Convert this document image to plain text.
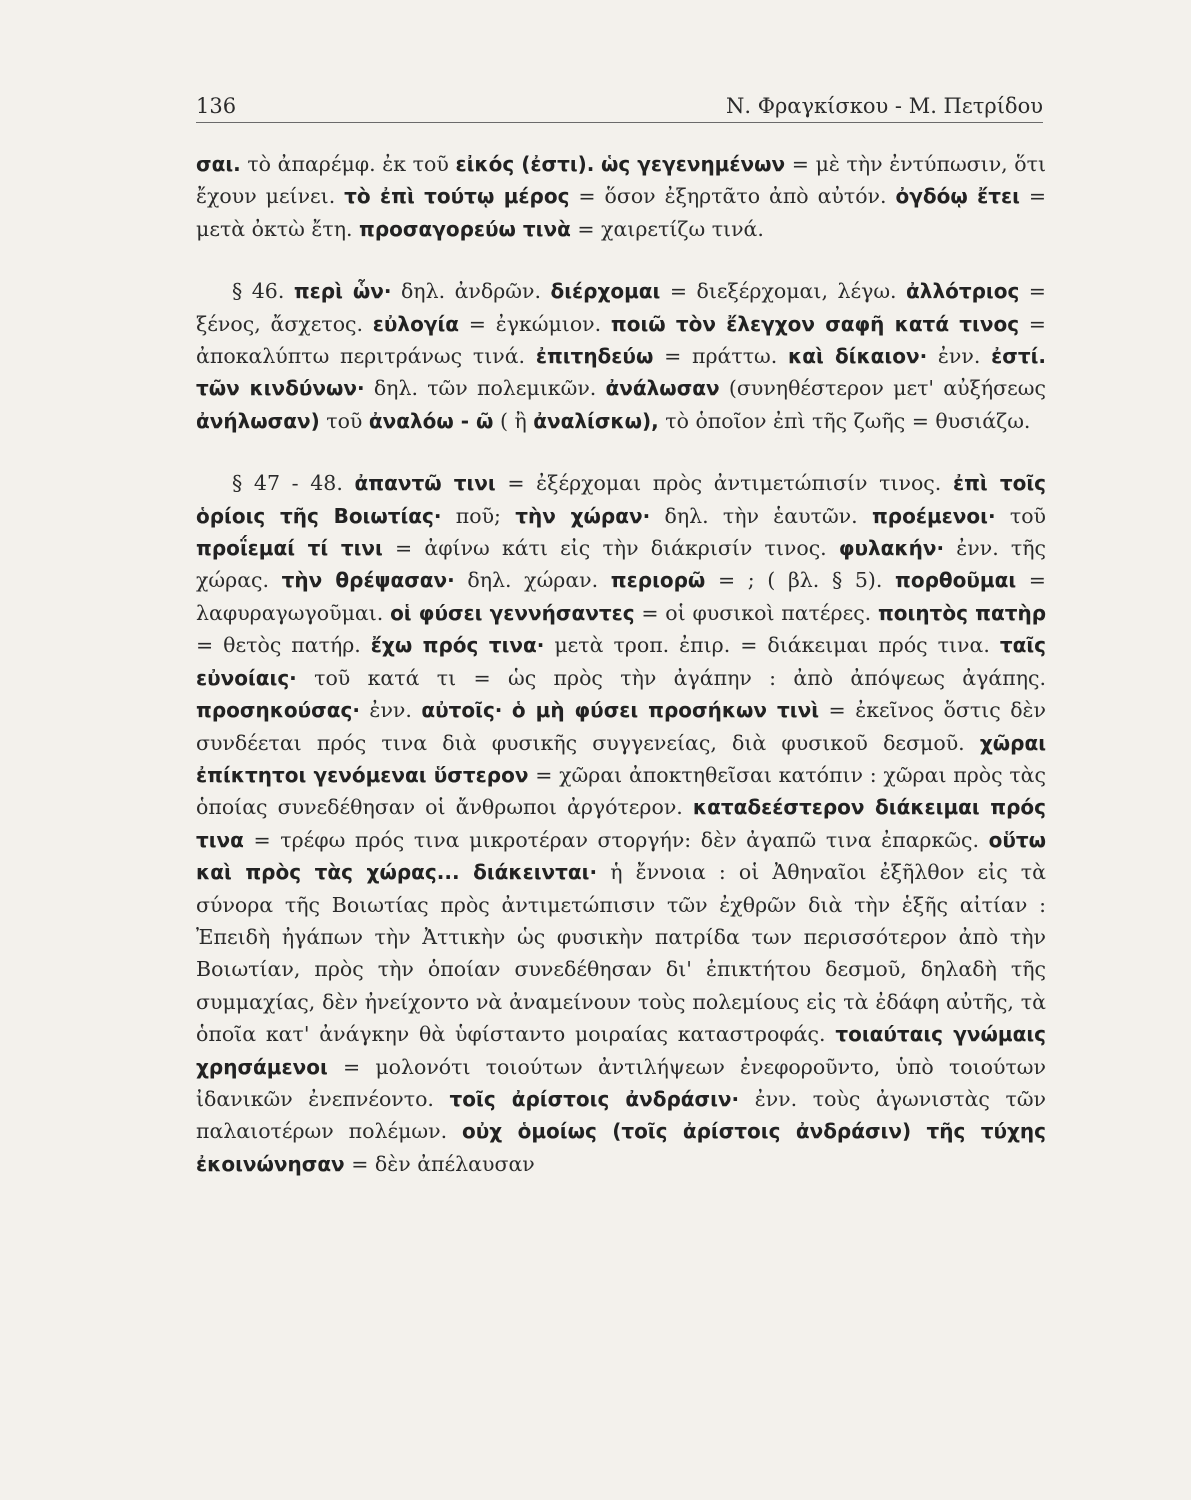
136	Ν. Φραγκίσκου - Μ. Πετρίδου

σαι. τὸ ἀπαρέμφ. ἐκ τοῦ εἰκός (ἐστι). ὡς γεγενημένων = μὲ τὴν ἐντύπωσιν, ὅτι ἔχουν μείνει. τὸ ἐπὶ τούτῳ μέρος = ὅσον ἐξηρτᾶτο ἀπὸ αὐτόν. ὀγδόῳ ἔτει = μετὰ ὀκτὼ ἔτη. προσαγορεύω τινὰ = χαιρετίζω τινά.

§ 46. περὶ ὧν· δηλ. ἀνδρῶν. διέρχομαι = διεξέρχομαι, λέγω. ἀλλότριος = ξένος, ἄσχετος. εὐλογία = ἐγκώμιον. ποιῶ τὸν ἔλεγχον σαφῆ κατά τινος = ἀποκαλύπτω περιτράνως τινά. ἐπιτηδεύω = πράττω. καὶ δίκαιον· ἐνν. ἐστί. τῶν κινδύνων· δηλ. τῶν πολεμικῶν. ἀνάλωσαν (συνηθέστερον μετ' αὐξήσεως ἀνήλωσαν) τοῦ ἀναλόω - ῶ ( ἢ ἀναλίσκω), τὸ ὁποῖον ἐπὶ τῆς ζωῆς = θυσιάζω.

§ 47 - 48. ἀπαντῶ τινι = ἐξέρχομαι πρὸς ἀντιμετώπισίν τινος. ἐπὶ τοῖς ὁρίοις τῆς Βοιωτίας· ποῦ; τὴν χώραν· δηλ. τὴν ἑαυτῶν. προέμενοι· τοῦ προΐεμαί τί τινι = ἀφίνω κάτι εἰς τὴν διάκρισίν τινος. φυλακήν· ἐνν. τῆς χώρας. τὴν θρέψασαν· δηλ. χώραν. περιορῶ = ; ( βλ. § 5). πορθοῦμαι = λαφυραγωγοῦμαι. οἱ φύσει γεννήσαντες = οἱ φυσικοὶ πατέρες. ποιητὸς πατὴρ = θετὸς πατήρ. ἔχω πρός τινα· μετὰ τροπ. ἐπιρ. = διάκειμαι πρός τινα. ταῖς εὐνοίαις· τοῦ κατά τι = ὡς πρὸς τὴν ἀγάπην : ἀπὸ ἀπόψεως ἀγάπης. προσηκούσας· ἐνν. αὐτοῖς· ὁ μὴ φύσει προσήκων τινὶ = ἐκεῖνος ὅστις δὲν συνδέεται πρός τινα διὰ φυσικῆς συγγενείας, διὰ φυσικοῦ δεσμοῦ. χῶραι ἐπίκτητοι γενόμεναι ὕστερον = χῶραι ἀποκτηθεῖσαι κατόπιν : χῶραι πρὸς τὰς ὁποίας συνεδέθησαν οἱ ἄνθρωποι ἀργότερον. καταδεέστερον διάκειμαι πρός τινα = τρέφω πρός τινα μικροτέραν στοργήν: δὲν ἀγαπῶ τινα ἐπαρκῶς. οὕτω καὶ πρὸς τὰς χώρας... διάκεινται· ἡ ἔννοια : οἱ Ἀθηναῖοι ἐξῆλθον εἰς τὰ σύνορα τῆς Βοιωτίας πρὸς ἀντιμετώπισιν τῶν ἐχθρῶν διὰ τὴν ἑξῆς αἰτίαν : Ἐπειδὴ ἠγάπων τὴν Ἀττικὴν ὡς φυσικὴν πατρίδα των περισσότερον ἀπὸ τὴν Βοιωτίαν, πρὸς τὴν ὁποίαν συνεδέθησαν δι' ἐπικτήτου δεσμοῦ, δηλαδὴ τῆς συμμαχίας, δὲν ἠνείχοντο νὰ ἀναμείνουν τοὺς πολεμίους εἰς τὰ ἐδάφη αὐτῆς, τὰ ὁποῖα κατ' ἀνάγκην θὰ ὑφίσταντο μοιραίας καταστροφάς. τοιαύταις γνώμαις χρησάμενοι = μολονότι τοιούτων ἀντιλήψεων ἐνεφοροῦντο, ὑπὸ τοιούτων ἰδανικῶν ἐνεπνέοντο. τοῖς ἀρίστοις ἀνδράσιν· ἐνν. τοὺς ἀγωνιστὰς τῶν παλαιοτέρων πολέμων. οὐχ ὁμοίως (τοῖς ἀρίστοις ἀνδράσιν) τῆς τύχης ἐκοινώνησαν = δὲν ἀπέλαυσαν
